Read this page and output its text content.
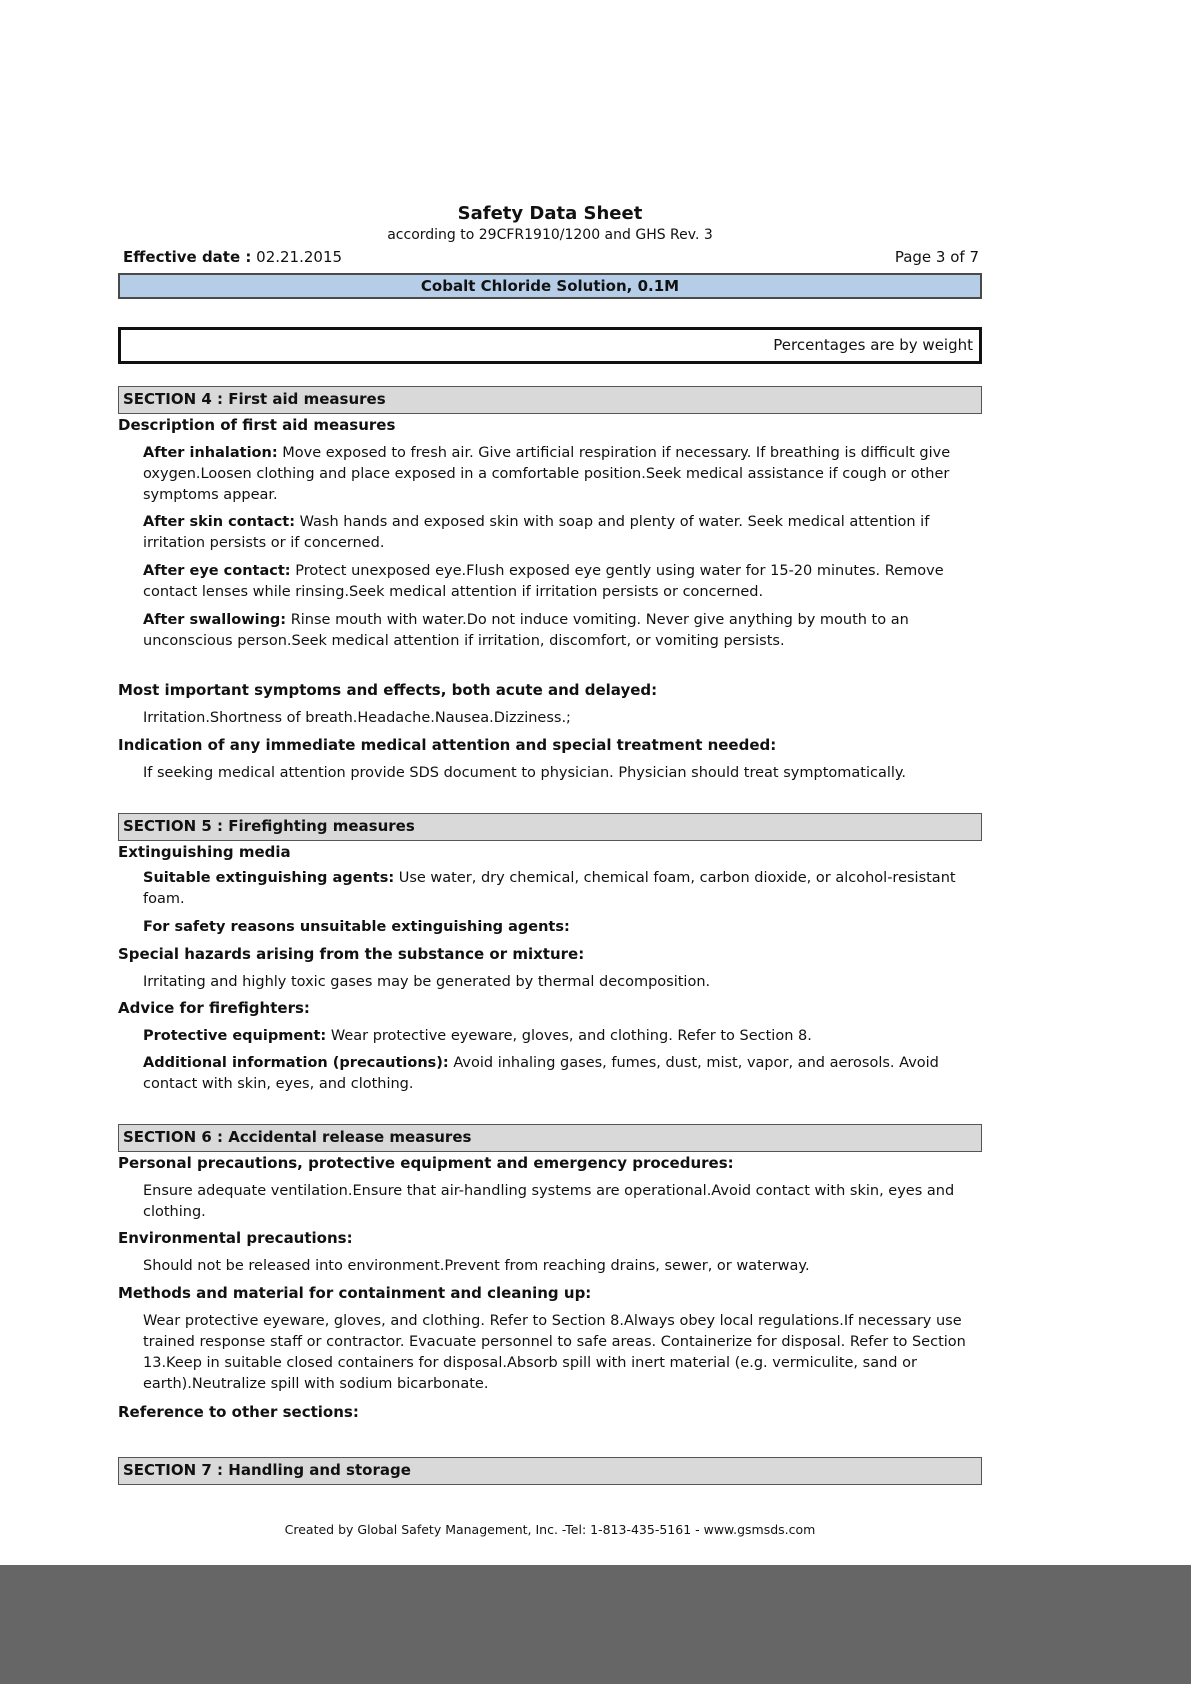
Safety Data Sheet
according to 29CFR1910/1200 and GHS Rev. 3
Effective date : 02.21.2015	Page 3 of 7
Cobalt Chloride Solution, 0.1M
Percentages are by weight
SECTION 4 : First aid measures
Description of first aid measures
After inhalation: Move exposed to fresh air. Give artificial respiration if necessary. If breathing is difficult give oxygen.Loosen clothing and place exposed in a comfortable position.Seek medical assistance if cough or other symptoms appear.
After skin contact: Wash hands and exposed skin with soap and plenty of water. Seek medical attention if irritation persists or if concerned.
After eye contact: Protect unexposed eye.Flush exposed eye gently using water for 15-20 minutes. Remove contact lenses while rinsing.Seek medical attention if irritation persists or concerned.
After swallowing: Rinse mouth with water.Do not induce vomiting. Never give anything by mouth to an unconscious person.Seek medical attention if irritation, discomfort, or vomiting persists.
Most important symptoms and effects, both acute and delayed:
Irritation.Shortness of breath.Headache.Nausea.Dizziness.;
Indication of any immediate medical attention and special treatment needed:
If seeking medical attention provide SDS document to physician. Physician should treat symptomatically.
SECTION 5 : Firefighting measures
Extinguishing media
Suitable extinguishing agents: Use water, dry chemical, chemical foam, carbon dioxide, or alcohol-resistant foam.
For safety reasons unsuitable extinguishing agents:
Special hazards arising from the substance or mixture:
Irritating and highly toxic gases may be generated by thermal decomposition.
Advice for firefighters:
Protective equipment: Wear protective eyeware, gloves, and clothing. Refer to Section 8.
Additional information (precautions): Avoid inhaling gases, fumes, dust, mist, vapor, and aerosols. Avoid contact with skin, eyes, and clothing.
SECTION 6 : Accidental release measures
Personal precautions, protective equipment and emergency procedures:
Ensure adequate ventilation.Ensure that air-handling systems are operational.Avoid contact with skin, eyes and clothing.
Environmental precautions:
Should not be released into environment.Prevent from reaching drains, sewer, or waterway.
Methods and material for containment and cleaning up:
Wear protective eyeware, gloves, and clothing. Refer to Section 8.Always obey local regulations.If necessary use trained response staff or contractor. Evacuate personnel to safe areas. Containerize for disposal. Refer to Section 13.Keep in suitable closed containers for disposal.Absorb spill with inert material (e.g. vermiculite, sand or earth).Neutralize spill with sodium bicarbonate.
Reference to other sections:
SECTION 7 : Handling and storage
Created by Global Safety Management, Inc. -Tel: 1-813-435-5161 - www.gsmsds.com
